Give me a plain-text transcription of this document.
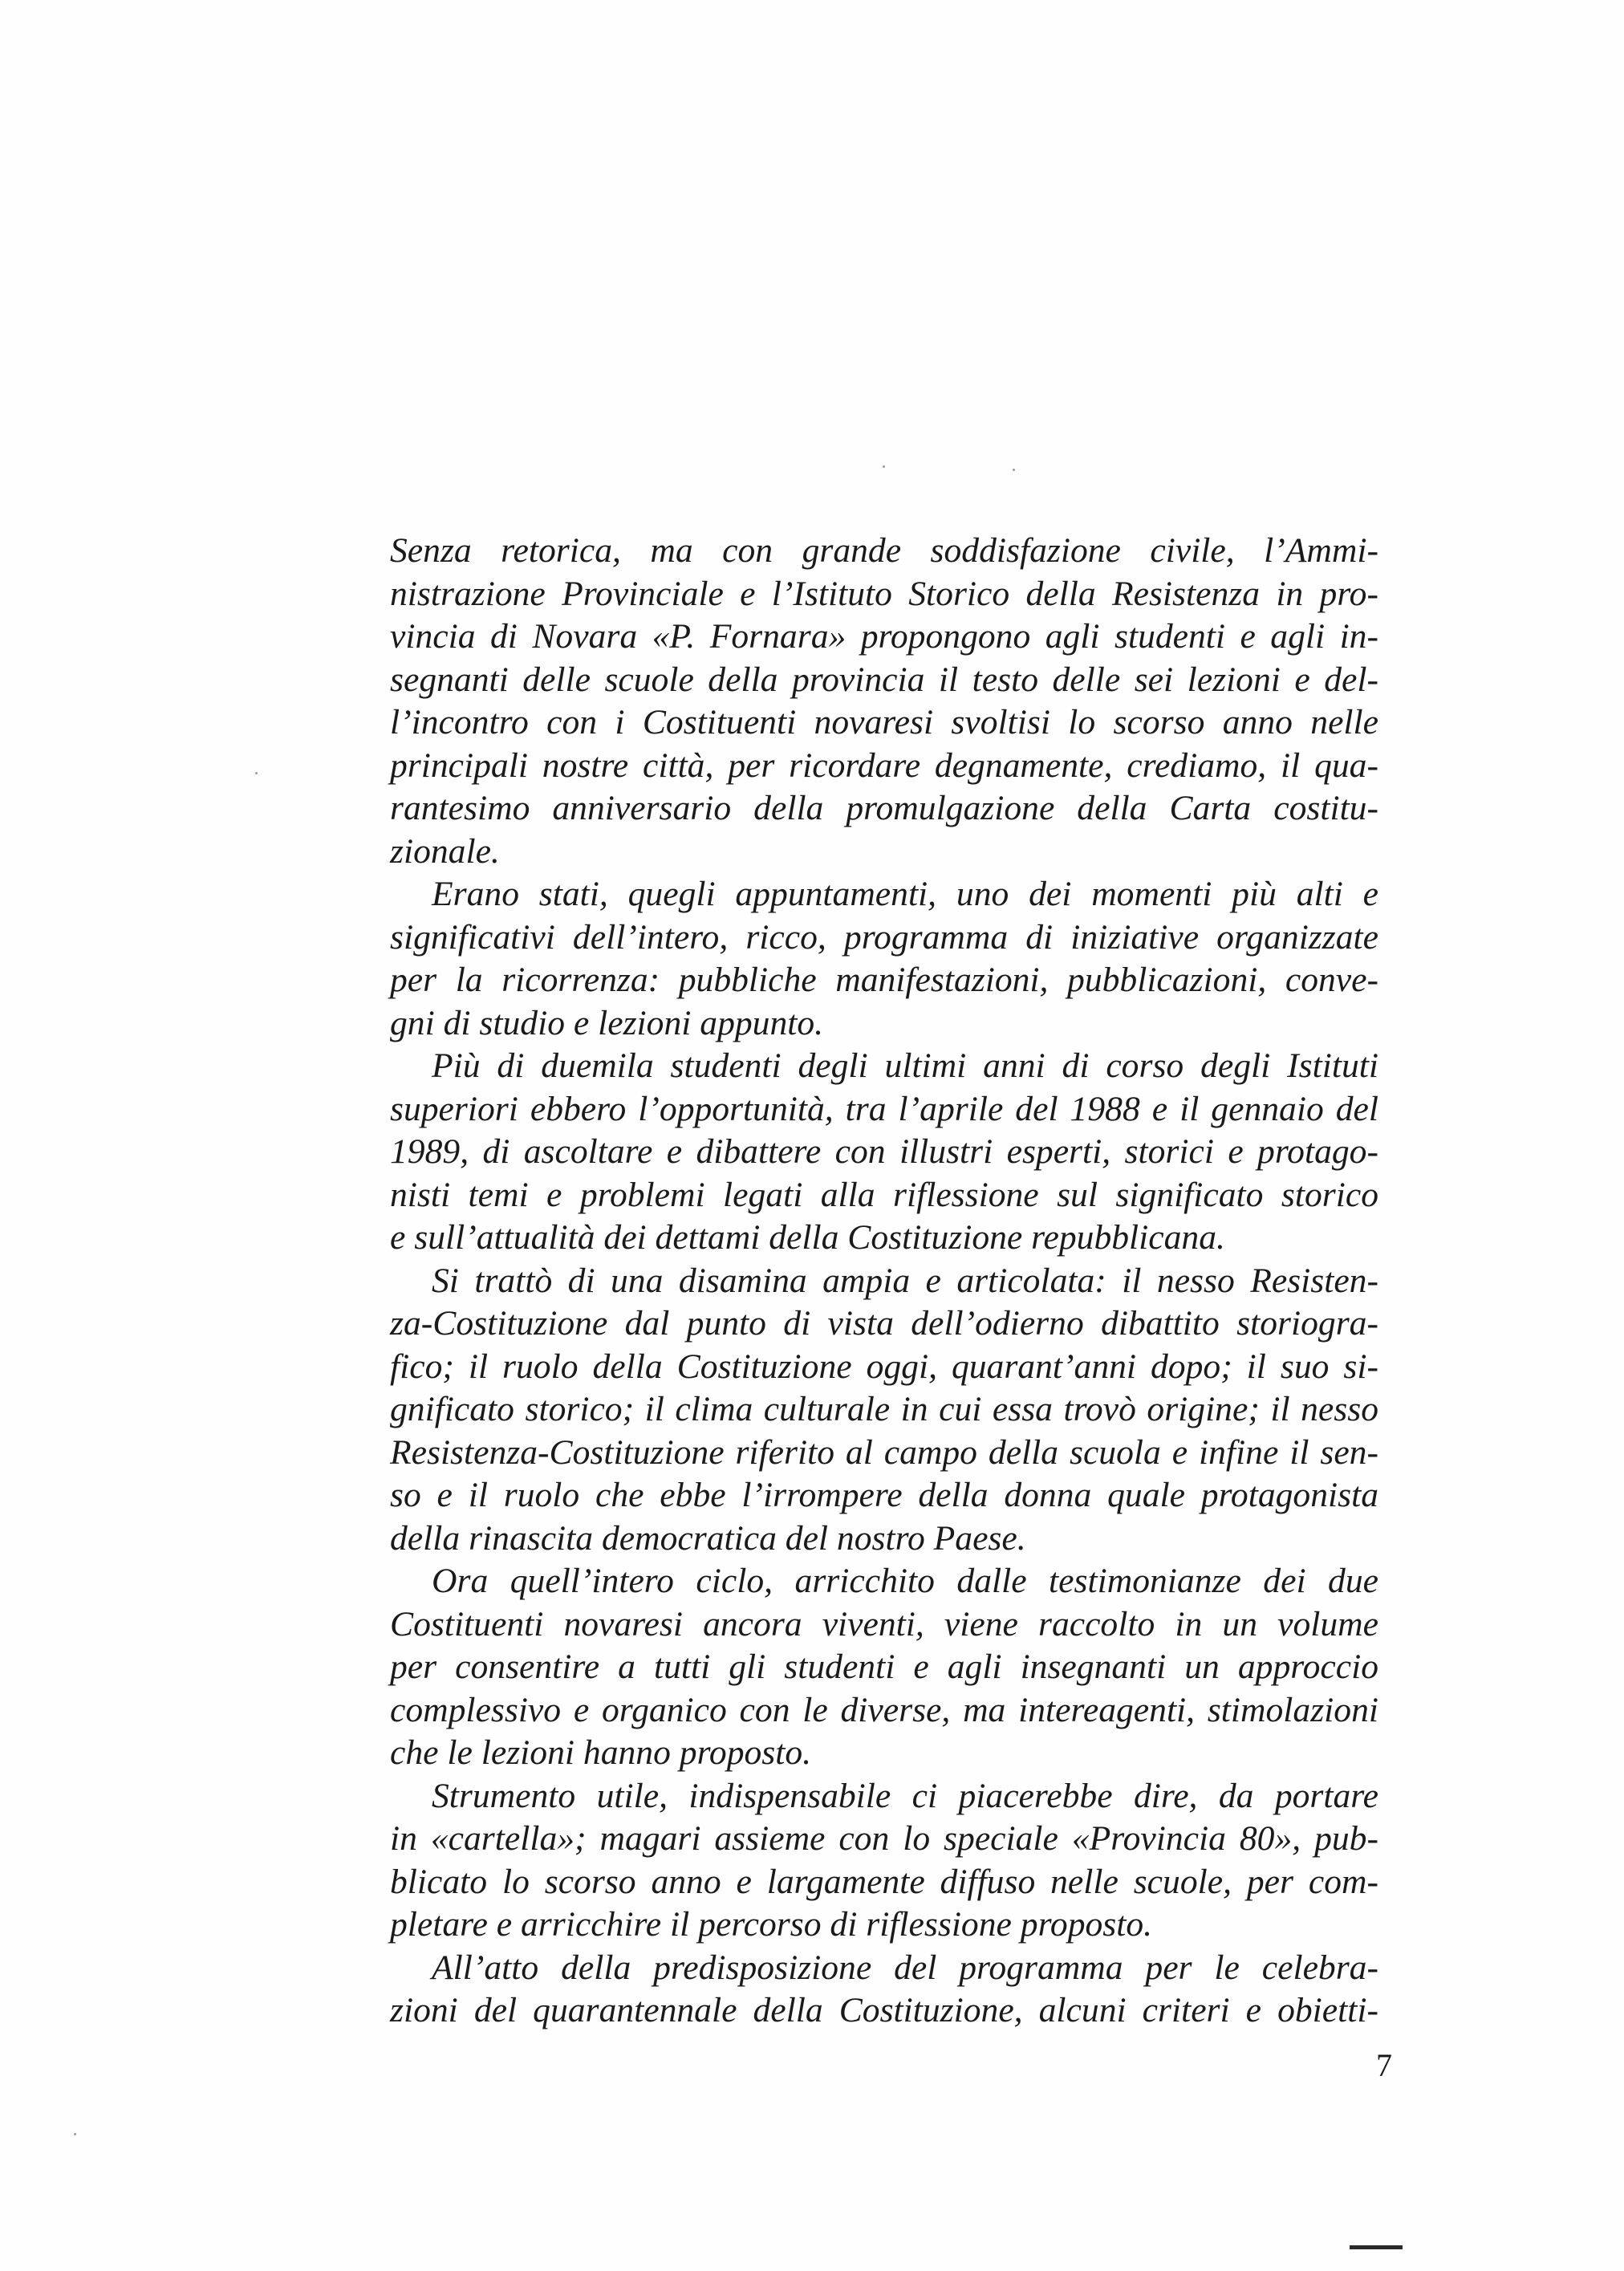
Senza retorica, ma con grande soddisfazione civile, l’Ammi-
nistrazione Provinciale e l’Istituto Storico della Resistenza in pro-
vincia di Novara «P. Fornara» propongono agli studenti e agli in-
segnanti delle scuole della provincia il testo delle sei lezioni e del-
l’incontro con i Costituenti novaresi svoltisi lo scorso anno nelle
principali nostre città, per ricordare degnamente, crediamo, il qua-
rantesimo anniversario della promulgazione della Carta costitu-
zionale.
Erano stati, quegli appuntamenti, uno dei momenti più alti e
significativi dell’intero, ricco, programma di iniziative organizzate
per la ricorrenza: pubbliche manifestazioni, pubblicazioni, conve-
gni di studio e lezioni appunto.
Più di duemila studenti degli ultimi anni di corso degli Istituti
superiori ebbero l’opportunità, tra l’aprile del 1988 e il gennaio del
1989, di ascoltare e dibattere con illustri esperti, storici e protago-
nisti temi e problemi legati alla riflessione sul significato storico
e sull’attualità dei dettami della Costituzione repubblicana.
Si trattò di una disamina ampia e articolata: il nesso Resisten-
za-Costituzione dal punto di vista dell’odierno dibattito storiogra-
fico; il ruolo della Costituzione oggi, quarant’anni dopo; il suo si-
gnificato storico; il clima culturale in cui essa trovò origine; il nesso
Resistenza-Costituzione riferito al campo della scuola e infine il sen-
so e il ruolo che ebbe l’irrompere della donna quale protagonista
della rinascita democratica del nostro Paese.
Ora quell’intero ciclo, arricchito dalle testimonianze dei due
Costituenti novaresi ancora viventi, viene raccolto in un volume
per consentire a tutti gli studenti e agli insegnanti un approccio
complessivo e organico con le diverse, ma intereagenti, stimolazioni
che le lezioni hanno proposto.
Strumento utile, indispensabile ci piacerebbe dire, da portare
in «cartella»; magari assieme con lo speciale «Provincia 80», pub-
blicato lo scorso anno e largamente diffuso nelle scuole, per com-
pletare e arricchire il percorso di riflessione proposto.
All’atto della predisposizione del programma per le celebra-
zioni del quarantennale della Costituzione, alcuni criteri e obietti-
7
